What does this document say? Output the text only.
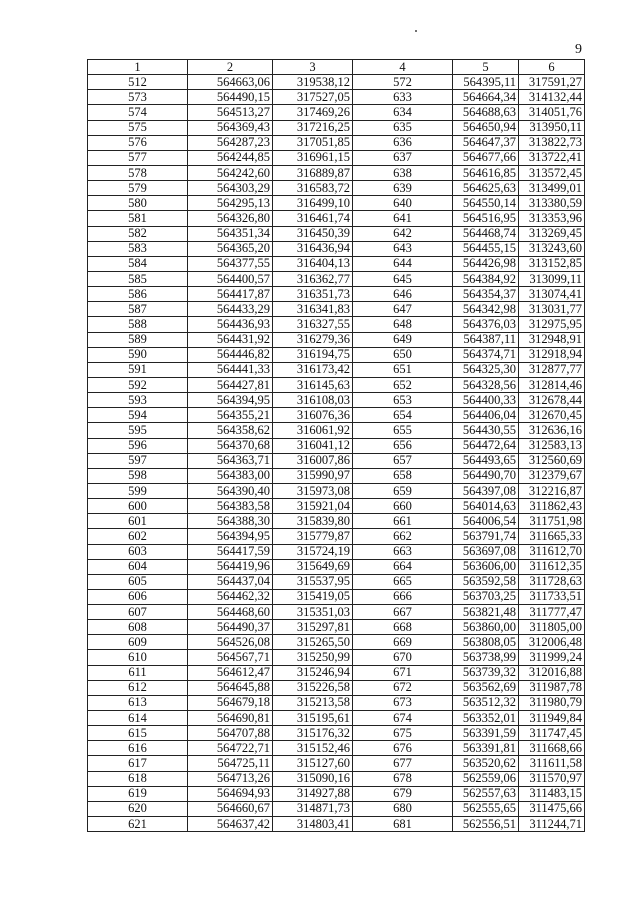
9
1	2	3	4	5	6
512	564663,06	319538,12	572	564395,11	317591,27
573	564490,15	317527,05	633	564664,34	314132,44
574	564513,27	317469,26	634	564688,63	314051,76
575	564369,43	317216,25	635	564650,94	313950,11
576	564287,23	317051,85	636	564647,37	313822,73
577	564244,85	316961,15	637	564677,66	313722,41
578	564242,60	316889,87	638	564616,85	313572,45
579	564303,29	316583,72	639	564625,63	313499,01
580	564295,13	316499,10	640	564550,14	313380,59
581	564326,80	316461,74	641	564516,95	313353,96
582	564351,34	316450,39	642	564468,74	313269,45
583	564365,20	316436,94	643	564455,15	313243,60
584	564377,55	316404,13	644	564426,98	313152,85
585	564400,57	316362,77	645	564384,92	313099,11
586	564417,87	316351,73	646	564354,37	313074,41
587	564433,29	316341,83	647	564342,98	313031,77
588	564436,93	316327,55	648	564376,03	312975,95
589	564431,92	316279,36	649	564387,11	312948,91
590	564446,82	316194,75	650	564374,71	312918,94
591	564441,33	316173,42	651	564325,30	312877,77
592	564427,81	316145,63	652	564328,56	312814,46
593	564394,95	316108,03	653	564400,33	312678,44
594	564355,21	316076,36	654	564406,04	312670,45
595	564358,62	316061,92	655	564430,55	312636,16
596	564370,68	316041,12	656	564472,64	312583,13
597	564363,71	316007,86	657	564493,65	312560,69
598	564383,00	315990,97	658	564490,70	312379,67
599	564390,40	315973,08	659	564397,08	312216,87
600	564383,58	315921,04	660	564014,63	311862,43
601	564388,30	315839,80	661	564006,54	311751,98
602	564394,95	315779,87	662	563791,74	311665,33
603	564417,59	315724,19	663	563697,08	311612,70
604	564419,96	315649,69	664	563606,00	311612,35
605	564437,04	315537,95	665	563592,58	311728,63
606	564462,32	315419,05	666	563703,25	311733,51
607	564468,60	315351,03	667	563821,48	311777,47
608	564490,37	315297,81	668	563860,00	311805,00
609	564526,08	315265,50	669	563808,05	312006,48
610	564567,71	315250,99	670	563738,99	311999,24
611	564612,47	315246,94	671	563739,32	312016,88
612	564645,88	315226,58	672	563562,69	311987,78
613	564679,18	315213,58	673	563512,32	311980,79
614	564690,81	315195,61	674	563352,01	311949,84
615	564707,88	315176,32	675	563391,59	311747,45
616	564722,71	315152,46	676	563391,81	311668,66
617	564725,11	315127,60	677	563520,62	311611,58
618	564713,26	315090,16	678	562559,06	311570,97
619	564694,93	314927,88	679	562557,63	311483,15
620	564660,67	314871,73	680	562555,65	311475,66
621	564637,42	314803,41	681	562556,51	311244,71
